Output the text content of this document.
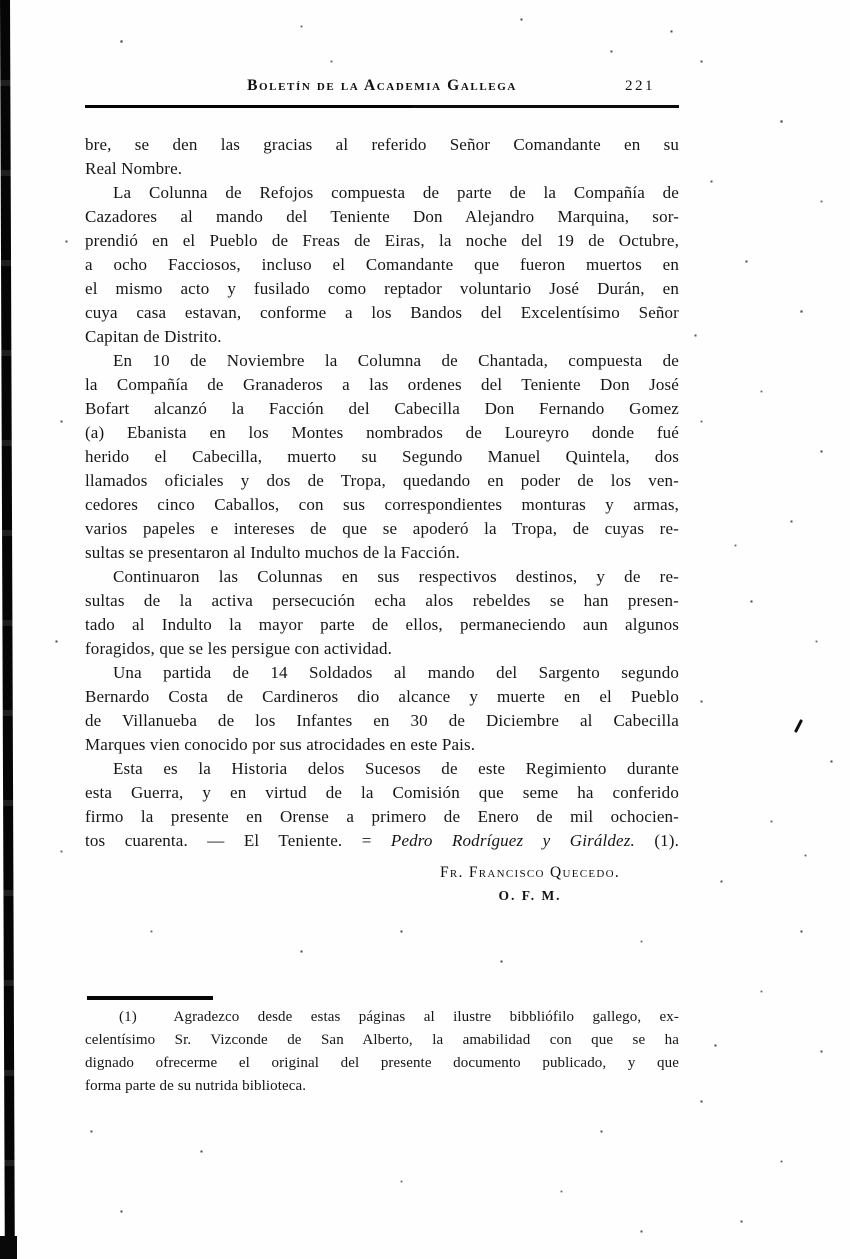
Boletín de la Academia Gallega	221
bre, se den las gracias al referido Señor Comandante en su
Real Nombre.
La Colunna de Refojos compuesta de parte de la Compañía de
Cazadores al mando del Teniente Don Alejandro Marquina, sor-
prendió en el Pueblo de Freas de Eiras, la noche del 19 de Octubre,
a ocho Facciosos, incluso el Comandante que fueron muertos en
el mismo acto y fusilado como reptador voluntario José Durán, en
cuya casa estavan, conforme a los Bandos del Excelentísimo Señor
Capitan de Distrito.
En 10 de Noviembre la Columna de Chantada, compuesta de
la Compañía de Granaderos a las ordenes del Teniente Don José
Bofart alcanzó la Facción del Cabecilla Don Fernando Gomez
(a) Ebanista en los Montes nombrados de Loureyro donde fué
herido el Cabecilla, muerto su Segundo Manuel Quintela, dos
llamados oficiales y dos de Tropa, quedando en poder de los ven-
cedores cinco Caballos, con sus correspondientes monturas y armas,
varios papeles e intereses de que se apoderó la Tropa, de cuyas re-
sultas se presentaron al Indulto muchos de la Facción.
Continuaron las Colunnas en sus respectivos destinos, y de re-
sultas de la activa persecución echa alos rebeldes se han presen-
tado al Indulto la mayor parte de ellos, permaneciendo aun algunos
foragidos, que se les persigue con actividad.
Una partida de 14 Soldados al mando del Sargento segundo
Bernardo Costa de Cardineros dio alcance y muerte en el Pueblo
de Villanueba de los Infantes en 30 de Diciembre al Cabecilla
Marques vien conocido por sus atrocidades en este Pais.
Esta es la Historia delos Sucesos de este Regimiento durante
esta Guerra, y en virtud de la Comisión que seme ha conferido
firmo la presente en Orense a primero de Enero de mil ochocien-
tos cuarenta. — El Teniente. = Pedro Rodríguez y Giráldez. (1).
Fr. Francisco Quecedo.
O. F. M.
(1)  Agradezco desde estas páginas al ilustre bibbliófilo gallego, ex-
celentísimo Sr. Vizconde de San Alberto, la amabilidad con que se ha
dignado ofrecerme el original del presente documento publicado, y que
forma parte de su nutrida biblioteca.
